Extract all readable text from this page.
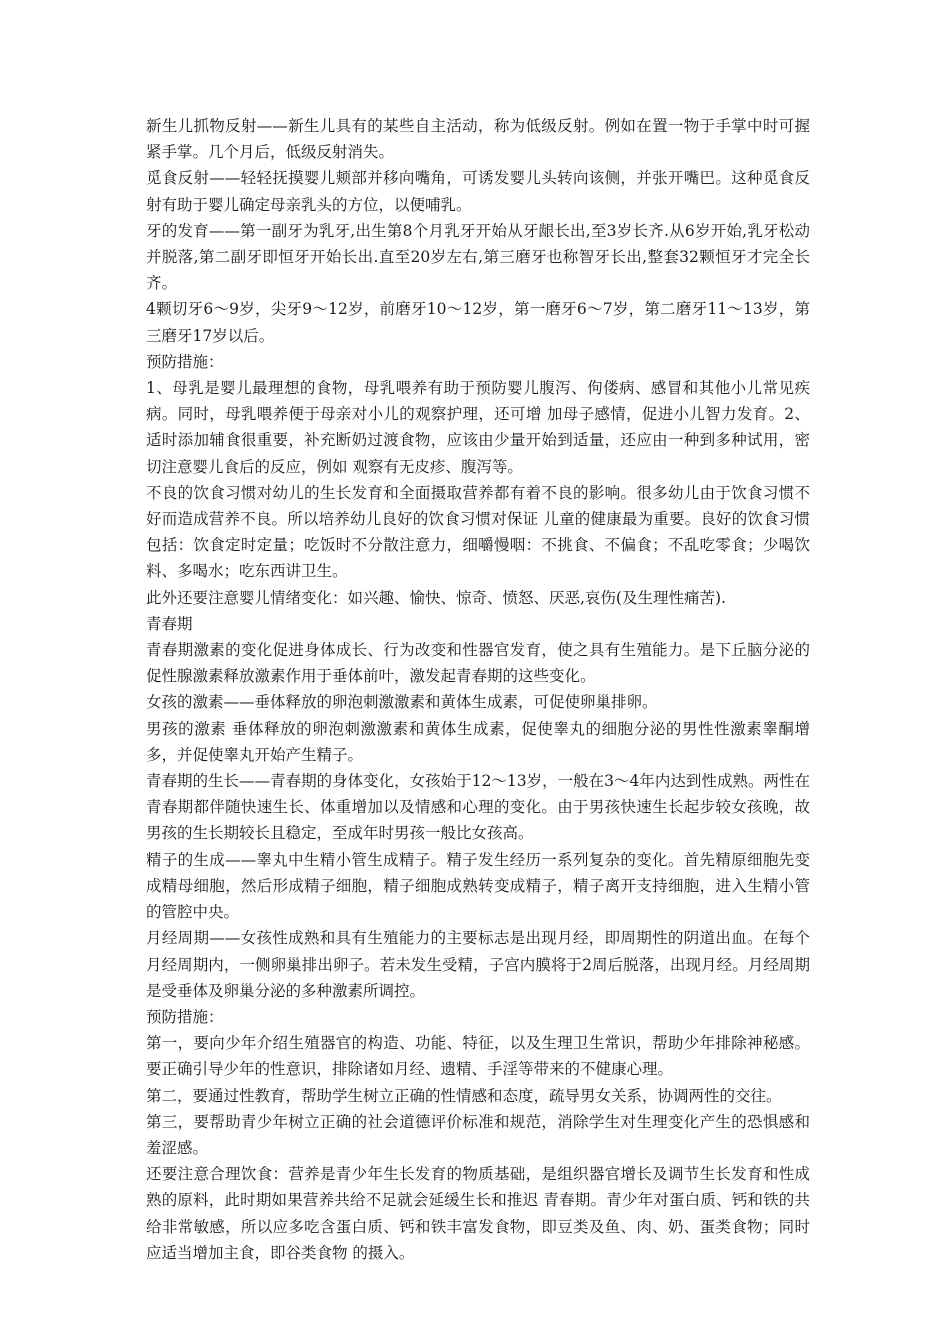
新生儿抓物反射——新生儿具有的某些自主活动，称为低级反射。例如在置一物于手掌中时可握紧手掌。几个月后，低级反射消失。

觅食反射——轻轻抚摸婴儿颊部并移向嘴角，可诱发婴儿头转向该侧，并张开嘴巴。这种觅食反射有助于婴儿确定母亲乳头的方位，以便哺乳。

牙的发育——第一副牙为乳牙,出生第8个月乳牙开始从牙龈长出,至3岁长齐.从6岁开始,乳牙松动并脱落,第二副牙即恒牙开始长出.直至20岁左右,第三磨牙也称智牙长出,整套32颗恒牙才完全长齐。

4颗切牙6～9岁，尖牙9～12岁，前磨牙10～12岁，第一磨牙6～7岁，第二磨牙11～13岁，第三磨牙17岁以后。

预防措施：

1、母乳是婴儿最理想的食物，母乳喂养有助于预防婴儿腹泻、佝偻病、感冒和其他小儿常见疾病。同时，母乳喂养便于母亲对小儿的观察护理，还可增 加母子感情，促进小儿智力发育。2、适时添加辅食很重要，补充断奶过渡食物，应该由少量开始到适量，还应由一种到多种试用，密切注意婴儿食后的反应，例如 观察有无皮疹、腹泻等。

不良的饮食习惯对幼儿的生长发育和全面摄取营养都有着不良的影响。很多幼儿由于饮食习惯不好而造成营养不良。所以培养幼儿良好的饮食习惯对保证 儿童的健康最为重要。良好的饮食习惯包括：饮食定时定量；吃饭时不分散注意力，细嚼慢咽：不挑食、不偏食；不乱吃零食；少喝饮料、多喝水；吃东西讲卫生。

此外还要注意婴儿情绪变化：如兴趣、愉快、惊奇、愤怒、厌恶,哀伤(及生理性痛苦).

青春期

青春期激素的变化促进身体成长、行为改变和性器官发育，使之具有生殖能力。是下丘脑分泌的促性腺激素释放激素作用于垂体前叶，激发起青春期的这些变化。

女孩的激素——垂体释放的卵泡刺激激素和黄体生成素，可促使卵巢排卵。

男孩的激素 垂体释放的卵泡刺激激素和黄体生成素，促使睾丸的细胞分泌的男性性激素睾酮增多，并促使睾丸开始产生精子。

青春期的生长——青春期的身体变化，女孩始于12～13岁，一般在3～4年内达到性成熟。两性在青春期都伴随快速生长、体重增加以及情感和心理的变化。由于男孩快速生长起步较女孩晚，故男孩的生长期较长且稳定，至成年时男孩一般比女孩高。

精子的生成——睾丸中生精小管生成精子。精子发生经历一系列复杂的变化。首先精原细胞先变成精母细胞，然后形成精子细胞，精子细胞成熟转变成精子，精子离开支持细胞，进入生精小管的管腔中央。

月经周期——女孩性成熟和具有生殖能力的主要标志是出现月经，即周期性的阴道出血。在每个月经周期内，一侧卵巢排出卵子。若未发生受精，子宫内膜将于2周后脱落，出现月经。月经周期是受垂体及卵巢分泌的多种激素所调控。

预防措施：

第一，要向少年介绍生殖器官的构造、功能、特征，以及生理卫生常识，帮助少年排除神秘感。要正确引导少年的性意识，排除诸如月经、遗精、手淫等带来的不健康心理。

第二，要通过性教育，帮助学生树立正确的性情感和态度，疏导男女关系，协调两性的交往。

第三，要帮助青少年树立正确的社会道德评价标准和规范，消除学生对生理变化产生的恐惧感和羞涩感。

还要注意合理饮食：营养是青少年生长发育的物质基础，是组织器官增长及调节生长发育和性成熟的原料，此时期如果营养共给不足就会延缓生长和推迟 青春期。青少年对蛋白质、钙和铁的共给非常敏感，所以应多吃含蛋白质、钙和铁丰富发食物，即豆类及鱼、肉、奶、蛋类食物；同时应适当增加主食，即谷类食物 的摄入。
